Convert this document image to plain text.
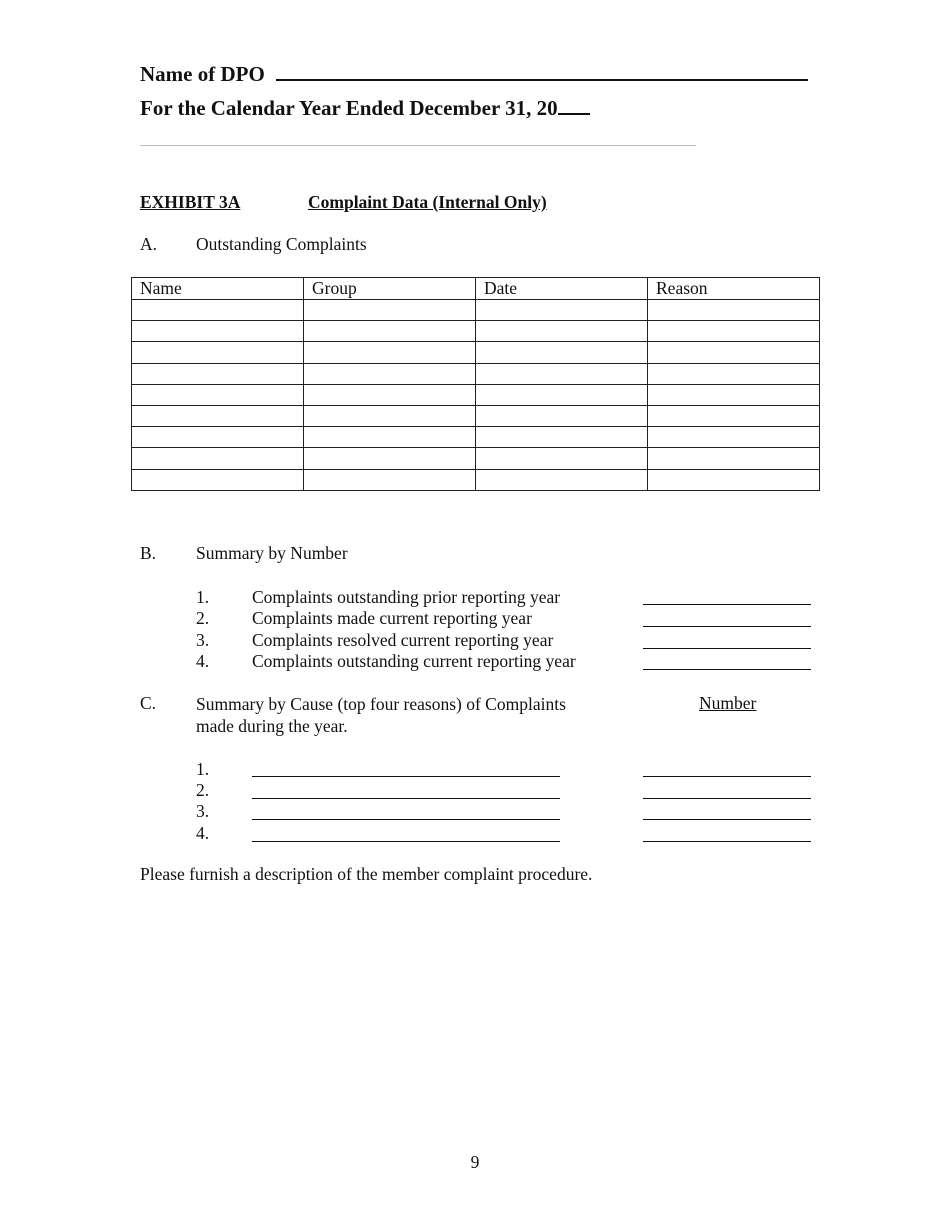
Name of DPO
For the Calendar Year Ended December 31, 20
EXHIBIT 3A	Complaint Data (Internal Only)
A. Outstanding Complaints
Name	Group	Date	Reason

B. Summary by Number
1. Complaints outstanding prior reporting year
2. Complaints made current reporting year
3. Complaints resolved current reporting year
4. Complaints outstanding current reporting year
C. Summary by Cause (top four reasons) of Complaints
made during the year.
Number
1.
2.
3.
4.
Please furnish a description of the member complaint procedure.
9
